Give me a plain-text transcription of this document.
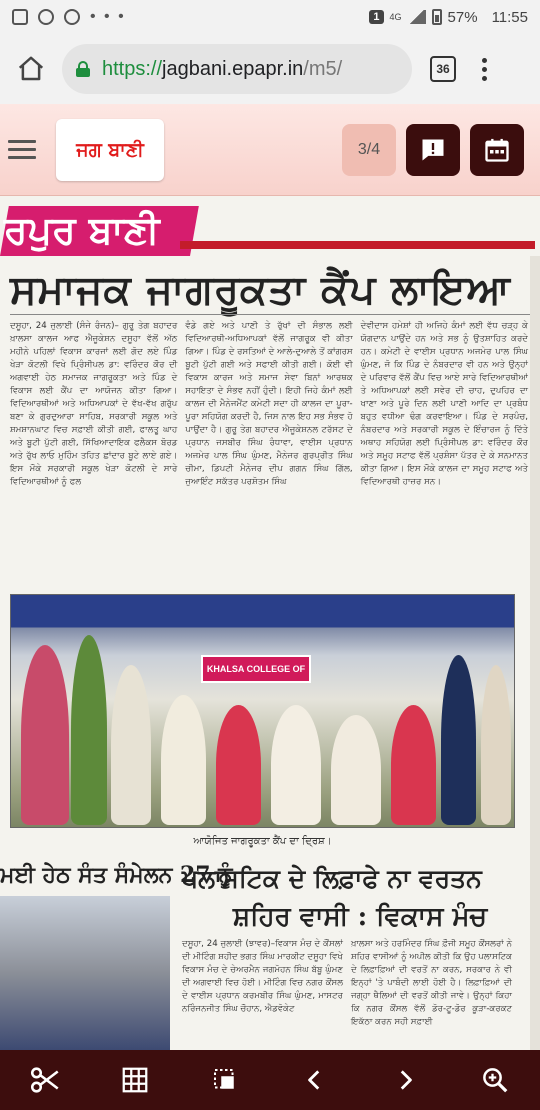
• • •	1	4G	57% 11:55
https:// jagbani.epapr.in /m5/	36
ਜਗ ਬਾਣੀ	3/4
ਰਪੁਰ ਬਾਣੀ
ਸਮਾਜਕ ਜਾਗਰੂਕਤਾ ਕੈਂਪ ਲਾਇਆ
ਦਸੂਹਾ, 24 ਜੁਲਾਈ (ਸੰਜੇ ਰੰਜਨ)– ਗੁਰੂ ਤੇਗ ਬਹਾਦਰ ਖ਼ਾਲਸਾ ਕਾਲਜ ਆਫ ਐਜੂਕੇਸ਼ਨ ਦਸੂਹਾ ਵੱਲੋਂ ਅੱਠ ਮਹੀਨੇ ਪਹਿਲਾਂ ਵਿਕਾਸ ਕਾਰਜਾਂ ਲਈ ਗੋਦ ਲਏ ਪਿੰਡ ਖੇੜਾ ਕੋਟਲੀ ਵਿਖੇ ਪ੍ਰਿੰਸੀਪਲ ਡਾ: ਵਰਿੰਦਰ ਕੌਰ ਦੀ ਅਗਵਾਈ ਹੇਠ ਸਮਾਜਕ ਜਾਗਰੂਕਤਾ ਅਤੇ ਪਿੰਡ ਦੇ ਵਿਕਾਸ ਲਈ ਕੈਂਪ ਦਾ ਆਯੋਜਨ ਕੀਤਾ ਗਿਆ। ਵਿਦਿਆਰਥੀਆਂ ਅਤੇ ਅਧਿਆਪਕਾਂ ਦੇ ਵੱਖ-ਵੱਖ ਗਰੁੱਪ ਬਣਾ ਕੇ ਗੁਰਦੁਆਰਾ ਸਾਹਿਬ, ਸਰਕਾਰੀ ਸਕੂਲ ਅਤੇ ਸ਼ਮਸ਼ਾਨਘਾਟ ਵਿਚ ਸਫ਼ਾਈ ਕੀਤੀ ਗਈ, ਫਾਲਤੂ ਘਾਹ ਅਤੇ ਬੂਟੀ ਪੁੱਟੀ ਗਈ, ਸਿੱਖਿਆਦਾਇਕ ਫਲੈਕਸ ਬੋਰਡ ਅਤੇ ਰੁੱਖ ਲਾਓ ਮੁਹਿੰਮ ਤਹਿਤ ਛਾਂਦਾਰ ਬੂਟੇ ਲਾਏ ਗਏ। ਇਸ ਮੌਕੇ ਸਰਕਾਰੀ ਸਕੂਲ ਖੇੜਾ ਕੋਟਲੀ ਦੇ ਸਾਰੇ ਵਿਦਿਆਰਥੀਆਂ ਨੂੰ ਫਲ
ਵੰਡੇ ਗਏ ਅਤੇ ਪਾਣੀ ਤੇ ਰੁੱਖਾਂ ਦੀ ਸੰਭਾਲ ਲਈ ਵਿਦਿਆਰਥੀ-ਅਧਿਆਪਕਾਂ ਵੱਲੋਂ ਜਾਗਰੂਕ ਵੀ ਕੀਤਾ ਗਿਆ। ਪਿੰਡ ਦੇ ਰਸਤਿਆਂ ਦੇ ਆਲੇ-ਦੁਆਲੇ ਤੋਂ ਕਾਂਗਰਸ ਬੂਟੀ ਪੁੱਟੀ ਗਈ ਅਤੇ ਸਫਾਈ ਕੀਤੀ ਗਈ। ਕੋਈ ਵੀ ਵਿਕਾਸ ਕਾਰਜ ਅਤੇ ਸਮਾਜ ਸੇਵਾ ਬਿਨਾਂ ਆਰਥਕ ਸਹਾਇਤਾ ਦੇ ਸੰਭਵ ਨਹੀਂ ਹੁੰਦੀ। ਇਹੀ ਜਿਹੇ ਕੰਮਾਂ ਲਈ ਕਾਲਜ ਦੀ ਮੈਨੇਜਮੈਂਟ ਕਮੇਟੀ ਸਦਾ ਹੀ ਕਾਲਜ ਦਾ ਪੂਰਾ-ਪੂਰਾ ਸਹਿਯੋਗ ਕਰਦੀ ਹੈ, ਜਿਸ ਨਾਲ ਇਹ ਸਭ ਸੰਭਵ ਹੋ ਪਾਉਂਦਾ ਹੈ। ਗੁਰੂ ਤੇਗ ਬਹਾਦਰ ਐਜੂਕੇਸ਼ਨਲ ਟਰੱਸਟ ਦੇ ਪ੍ਰਧਾਨ ਜਸਬੀਰ ਸਿੰਘ ਰੰਧਾਵਾ, ਵਾਈਸ ਪ੍ਰਧਾਨ ਅਜਮੇਰ ਪਾਲ ਸਿੰਘ ਘੁੰਮਣ, ਮੈਨੇਜਰ ਗੁਰਪ੍ਰੀਤ ਸਿੰਘ ਚੀਮਾ, ਡਿਪਟੀ ਮੈਨੇਜਰ ਦੀਪ ਗਗਨ ਸਿੰਘ ਗਿੱਲ, ਜੁਆਇੰਟ ਸਕੱਤਰ ਪਰਸ਼ੋਤਮ ਸਿੰਘ
ਦੇਵੀਦਾਸ ਹਮੇਸ਼ਾਂ ਹੀ ਅਜਿਹੇ ਕੰਮਾਂ ਲਈ ਵੱਧ ਚੜ੍ਹ ਕੇ ਯੋਗਦਾਨ ਪਾਉਂਦੇ ਹਨ ਅਤੇ ਸਭ ਨੂੰ ਉਤਸ਼ਾਹਿਤ ਕਰਦੇ ਹਨ। ਕਮੇਟੀ ਦੇ ਵਾਈਸ ਪ੍ਰਧਾਨ ਅਜਮੇਰ ਪਾਲ ਸਿੰਘ ਘੁੰਮਣ, ਜੋ ਕਿ ਪਿੰਡ ਦੇ ਨੰਬਰਦਾਰ ਵੀ ਹਨ ਅਤੇ ਉਨ੍ਹਾਂ ਦੇ ਪਰਿਵਾਰ ਵੱਲੋਂ ਕੈਂਪ ਵਿਚ ਆਏ ਸਾਰੇ ਵਿਦਿਆਰਥੀਆਂ ਤੇ ਅਧਿਆਪਕਾਂ ਲਈ ਸਵੇਰ ਦੀ ਚਾਹ, ਦੁਪਹਿਰ ਦਾ ਖਾਣਾ ਅਤੇ ਪੂਰੇ ਦਿਨ ਲਈ ਪਾਣੀ ਆਦਿ ਦਾ ਪ੍ਰਬੰਧ ਬਹੁਤ ਵਧੀਆ ਢੰਗ ਕਰਵਾਇਆ। ਪਿੰਡ ਦੇ ਸਰਪੰਚ, ਨੰਬਰਦਾਰ ਅਤੇ ਸਰਕਾਰੀ ਸਕੂਲ ਦੇ ਇੰਚਾਰਜ ਨੂੰ ਦਿੱਤੇ ਅਥਾਹ ਸਹਿਯੋਗ ਲਈ ਪ੍ਰਿੰਸੀਪਲ ਡਾ: ਵਰਿੰਦਰ ਕੌਰ ਅਤੇ ਸਮੂਹ ਸਟਾਫ ਵੱਲੋਂ ਪ੍ਰਸ਼ੰਸਾ ਪੱਤਰ ਦੇ ਕੇ ਸਨਮਾਨਤ ਕੀਤਾ ਗਿਆ। ਇਸ ਮੌਕੇ ਕਾਲਜ ਦਾ ਸਮੂਹ ਸਟਾਫ ਅਤੇ ਵਿਦਿਆਰਥੀ ਹਾਜ਼ਰ ਸਨ।
KHALSA COLLEGE OF
ਆਯੋਜਿਤ ਜਾਗਰੂਕਤਾ ਕੈਂਪ ਦਾ ਦ੍ਰਿਸ਼।
ਮਈ ਹੇਠ ਸੰਤ ਸੰਮੇਲਨ 27 ਨੂੰ
ਪਲਾਸਟਿਕ ਦੇ ਲਿਫ਼ਾਫੇ ਨਾ ਵਰਤਨ
ਸ਼ਹਿਰ ਵਾਸੀ : ਵਿਕਾਸ ਮੰਚ
ਦਸੂਹਾ, 24 ਜੁਲਾਈ (ਝਾਵਰ)–ਵਿਕਾਸ ਮੰਚ ਦੇ ਕੌਂਸਲਾਂ ਦੀ ਮੀਟਿੰਗ ਸ਼ਹੀਦ ਭਗਤ ਸਿੰਘ ਮਾਰਕੀਟ ਦਸੂਹਾ ਵਿਖੇ ਵਿਕਾਸ ਮੰਚ ਦੇ ਚੇਅਰਮੈਨ ਜਗਮੋਹਨ ਸਿੰਘ ਬੱਬੂ ਘੁੰਮਣ ਦੀ ਅਗਵਾਈ ਵਿਚ ਹੋਈ। ਮੀਟਿੰਗ ਵਿਚ ਨਗਰ ਕੌਂਸਲ ਦੇ ਵਾਈਸ ਪ੍ਰਧਾਨ ਕਰਮਬੀਰ ਸਿੰਘ ਘੁੰਮਣ, ਮਾਸਟਰ ਨਰਿੰਜਨਜੀਤ ਸਿੰਘ ਚੌਹਾਨ, ਐਡਵੋਕੇਟ
ਖ਼ਾਲਸਾ ਅਤੇ ਹਰਮਿੰਦਰ ਸਿੰਘ ਫ਼ੌਜੀ ਸਮੂਹ ਕੌਂਸਲਰਾਂ ਨੇ ਸ਼ਹਿਰ ਵਾਸੀਆਂ ਨੂੰ ਅਪੀਲ ਕੀਤੀ ਕਿ ਉਹ ਪਲਾਸਟਿਕ ਦੇ ਲਿਫ਼ਾਫ਼ਿਆਂ ਦੀ ਵਰਤੋਂ ਨਾ ਕਰਨ, ਸਰਕਾਰ ਨੇ ਵੀ ਇਨ੍ਹਾਂ 'ਤੇ ਪਾਬੰਦੀ ਲਾਈ ਹੋਈ ਹੈ। ਲਿਫ਼ਾਫ਼ਿਆਂ ਦੀ ਜਗ੍ਹਾ ਥੈਲਿਆਂ ਦੀ ਵਰਤੋਂ ਕੀਤੀ ਜਾਵੇ। ਉਨ੍ਹਾਂ ਕਿਹਾ ਕਿ ਨਗਰ ਕੌਂਸਲ ਵੱਲੋਂ ਡੋਰ-ਟੂ-ਡੋਰ ਕੂੜਾ-ਕਰਕਟ ਇਕੱਠਾ ਕਰਨ ਸਹੀ ਸਫ਼ਾਈ
